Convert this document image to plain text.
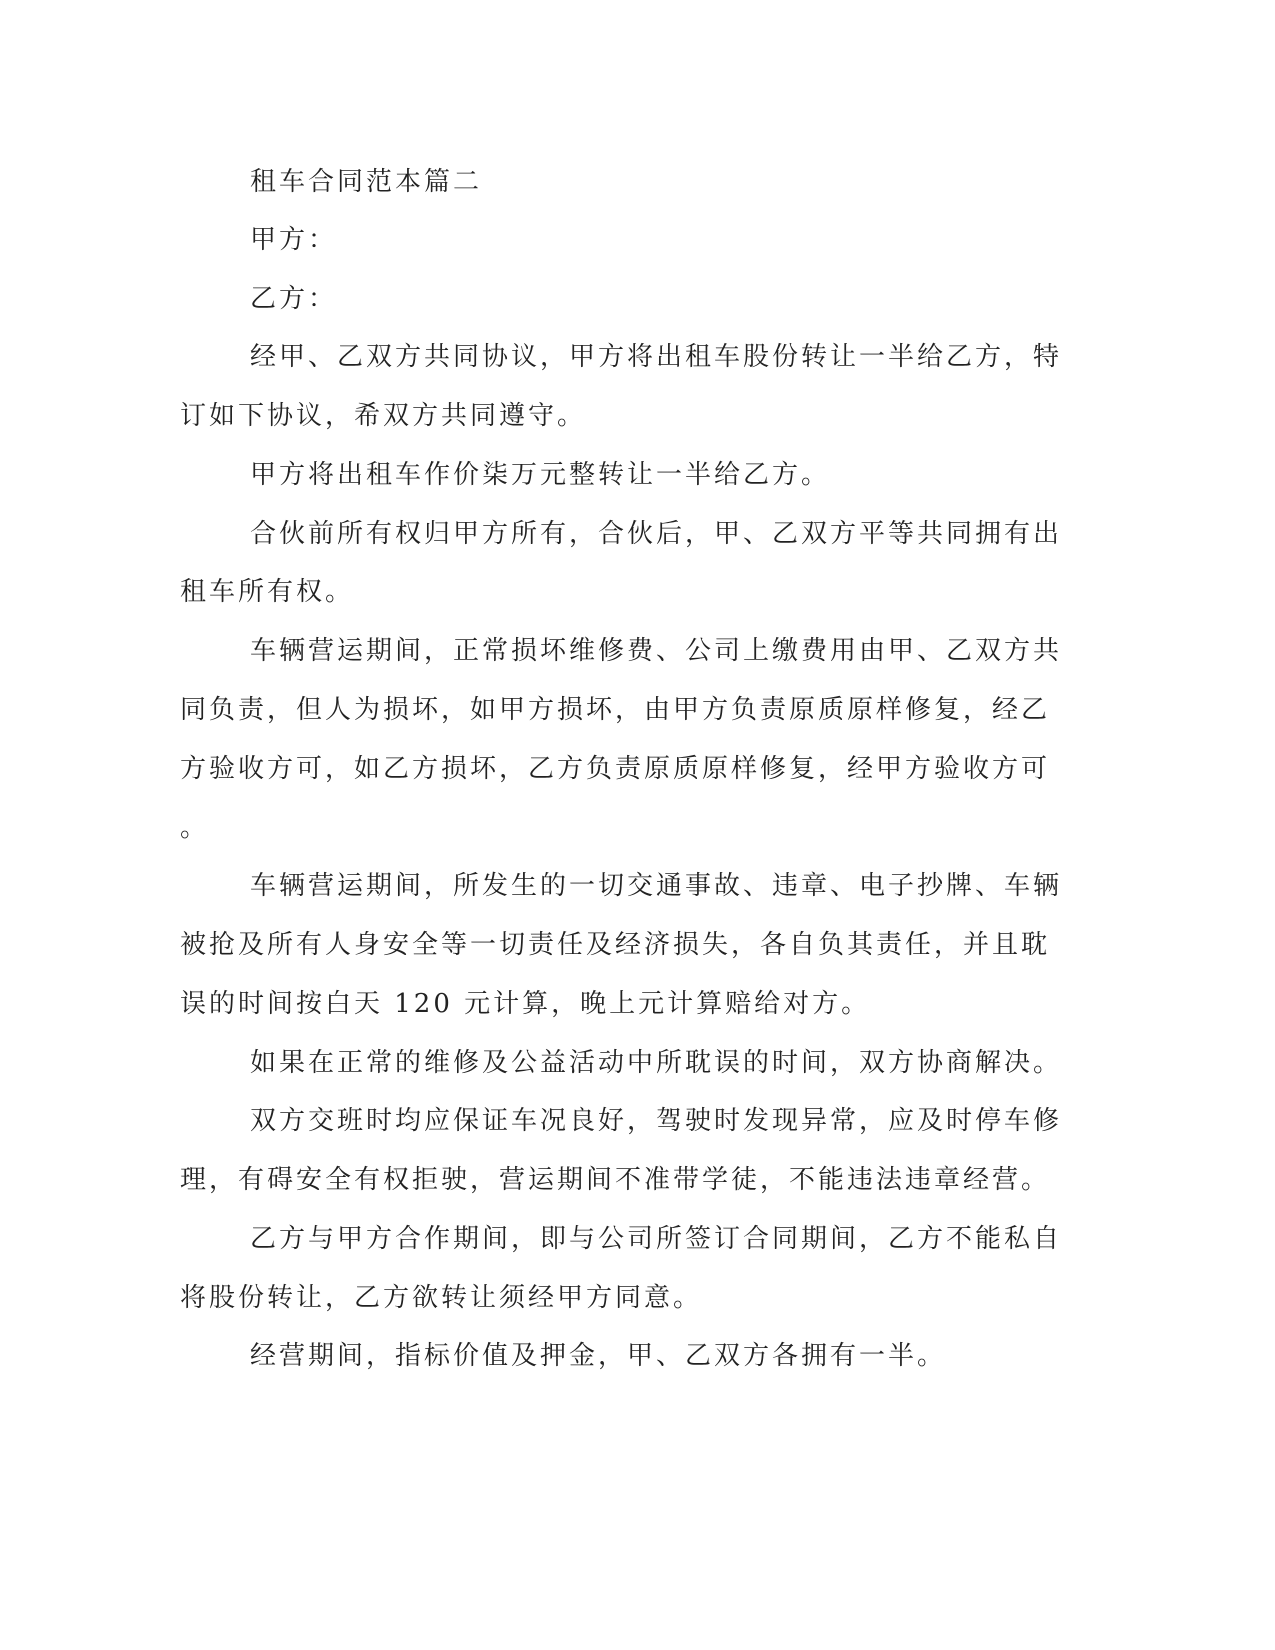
租车合同范本篇二
甲方：
乙方：
经甲、乙双方共同协议，甲方将出租车股份转让一半给乙方，特
订如下协议，希双方共同遵守。
甲方将出租车作价柒万元整转让一半给乙方。
合伙前所有权归甲方所有，合伙后，甲、乙双方平等共同拥有出
租车所有权。
车辆营运期间，正常损坏维修费、公司上缴费用由甲、乙双方共
同负责，但人为损坏，如甲方损坏，由甲方负责原质原样修复，经乙
方验收方可，如乙方损坏，乙方负责原质原样修复，经甲方验收方可
。
车辆营运期间，所发生的一切交通事故、违章、电子抄牌、车辆
被抢及所有人身安全等一切责任及经济损失，各自负其责任，并且耽
误的时间按白天 120 元计算，晚上元计算赔给对方。
如果在正常的维修及公益活动中所耽误的时间，双方协商解决。
双方交班时均应保证车况良好，驾驶时发现异常，应及时停车修
理，有碍安全有权拒驶，营运期间不准带学徒，不能违法违章经营。
乙方与甲方合作期间，即与公司所签订合同期间，乙方不能私自
将股份转让，乙方欲转让须经甲方同意。
经营期间，指标价值及押金，甲、乙双方各拥有一半。
